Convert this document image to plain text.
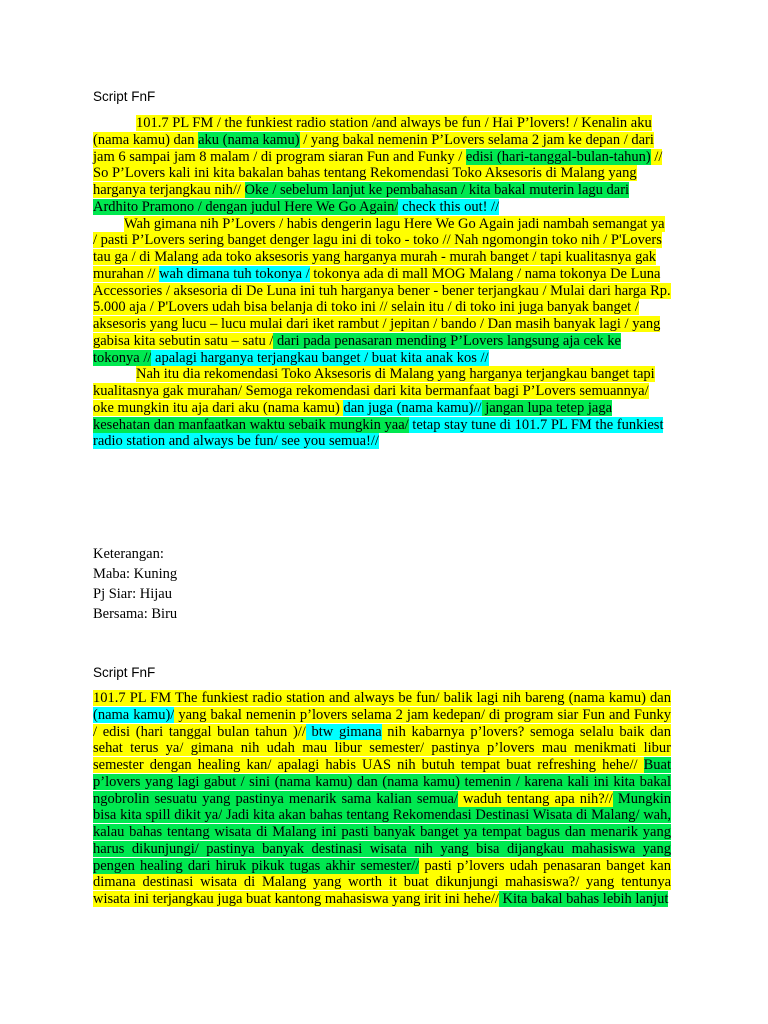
Script FnF

101.7 PL FM / the funkiest radio station /and always be fun / Hai P’lovers! / Kenalin aku (nama kamu) dan aku (nama kamu) / yang bakal nemenin P’Lovers selama 2 jam ke depan / dari jam 6 sampai jam 8 malam / di program siaran Fun and Funky / edisi (hari-tanggal-bulan-tahun) // So P’Lovers kali ini kita bakalan bahas tentang Rekomendasi Toko Aksesoris di Malang yang harganya terjangkau nih// Oke / sebelum lanjut ke pembahasan / kita bakal muterin lagu dari Ardhito Pramono / dengan judul Here We Go Again/ check this out! //

Wah gimana nih P’Lovers / habis dengerin lagu Here We Go Again jadi nambah semangat ya / pasti P’Lovers sering banget denger lagu ini di toko - toko // Nah ngomongin toko nih / P'Lovers tau ga / di Malang ada toko aksesoris yang harganya murah - murah banget / tapi kualitasnya gak murahan // wah dimana tuh tokonya / tokonya ada di mall MOG Malang / nama tokonya De Luna Accessories / aksesoria di De Luna ini tuh harganya bener - bener terjangkau / Mulai dari harga Rp. 5.000 aja / P'Lovers udah bisa belanja di toko ini // selain itu / di toko ini juga banyak banget / aksesoris yang lucu – lucu mulai dari iket rambut / jepitan / bando / Dan masih banyak lagi / yang gabisa kita sebutin satu – satu / dari pada penasaran mending P’Lovers langsung aja cek ke tokonya // apalagi harganya terjangkau banget / buat kita anak kos //

Nah itu dia rekomendasi Toko Aksesoris di Malang yang harganya terjangkau banget tapi kualitasnya gak murahan/ Semoga rekomendasi dari kita bermanfaat bagi P’Lovers semuannya/ oke mungkin itu aja dari aku (nama kamu) dan juga (nama kamu)// jangan lupa tetep jaga kesehatan dan manfaatkan waktu sebaik mungkin yaa/ tetap stay tune di 101.7 PL FM the funkiest radio station and always be fun/ see you semua!//

Keterangan:
Maba: Kuning
Pj Siar: Hijau
Bersama: Biru
Script FnF

101.7 PL FM The funkiest radio station and always be fun/ balik lagi nih bareng (nama kamu) dan (nama kamu)/ yang bakal nemenin p’lovers selama 2 jam kedepan/ di program siar Fun and Funky / edisi (hari tanggal bulan tahun )// btw gimana nih kabarnya p’lovers? semoga selalu baik dan sehat terus ya/ gimana nih udah mau libur semester/ pastinya p’lovers mau menikmati libur semester dengan healing kan/ apalagi habis UAS nih butuh tempat buat refreshing hehe// Buat p’lovers yang lagi gabut / sini (nama kamu) dan (nama kamu) temenin / karena kali ini kita bakal ngobrolin sesuatu yang pastinya menarik sama kalian semua/ waduh tentang apa nih?// Mungkin bisa kita spill dikit ya/ Jadi kita akan bahas tentang Rekomendasi Destinasi Wisata di Malang/ wah, kalau bahas tentang wisata di Malang ini pasti banyak banget ya tempat bagus dan menarik yang harus dikunjungi/ pastinya banyak destinasi wisata nih yang bisa dijangkau mahasiswa yang pengen healing dari hiruk pikuk tugas akhir semester// pasti p’lovers udah penasaran banget kan dimana destinasi wisata di Malang yang worth it buat dikunjungi mahasiswa?/ yang tentunya wisata ini terjangkau juga buat kantong mahasiswa yang irit ini hehe// Kita bakal bahas lebih lanjut
